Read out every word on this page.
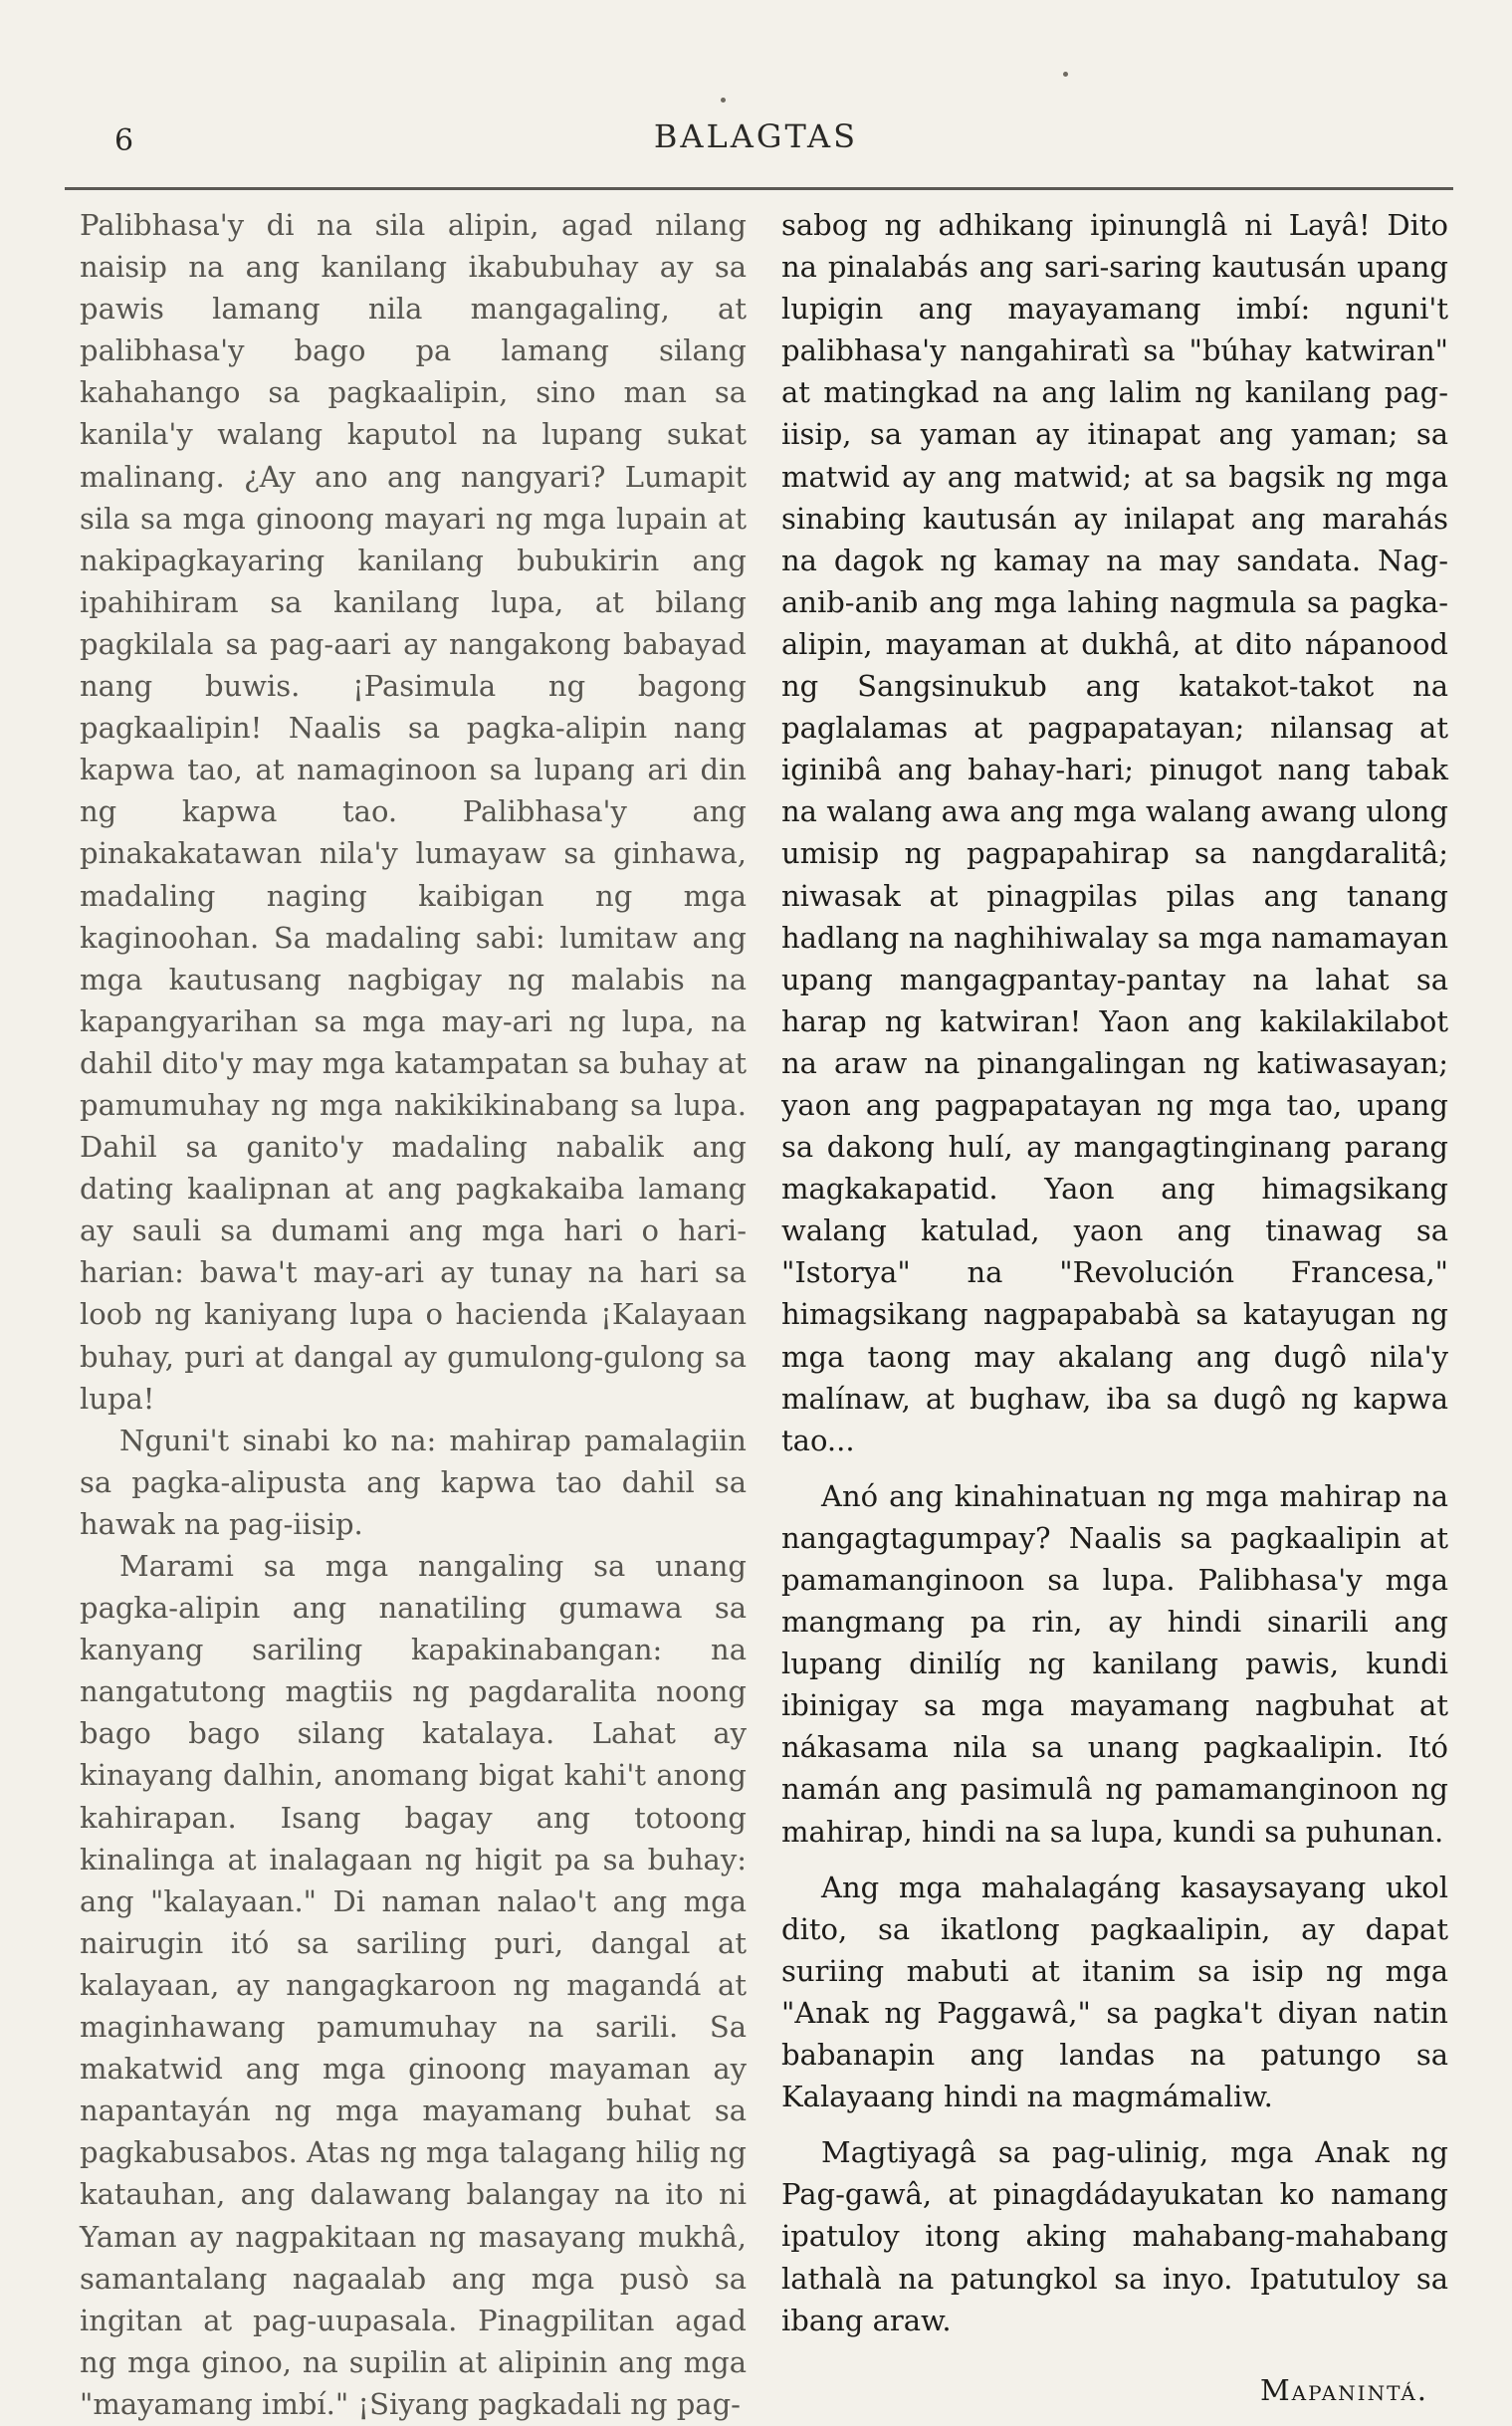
6	BALAGTAS

Palibhasa'y di na sila alipin, agad nilang naisip na ang kanilang ikabubuhay ay sa pawis lamang nila mangagaling, at palibhasa'y bago pa lamang silang kahahango sa pagkaalipin, sino man sa kanila'y walang kaputol na lupang sukat malinang. ¿Ay ano ang nangyari? Lumapit sila sa mga ginoong mayari ng mga lupain at nakipagkayaring kanilang bubukirin ang ipahihiram sa kanilang lupa, at bilang pagkilala sa pag-aari ay nangakong babayad nang buwis. ¡Pasimula ng bagong pagkaalipin! Naalis sa pagka-alipin nang kapwa tao, at namaginoon sa lupang ari din ng kapwa tao. Palibhasa'y ang pinakakatawan nila'y lumayaw sa ginhawa, madaling naging kaibigan ng mga kaginoohan. Sa madaling sabi: lumitaw ang mga kautusang nagbigay ng malabis na kapangyarihan sa mga may-ari ng lupa, na dahil dito'y may mga katampatan sa buhay at pamumuhay ng mga nakikikinabang sa lupa. Dahil sa ganito'y madaling nabalik ang dating kaalipnan at ang pagkakaiba lamang ay sauli sa dumami ang mga hari o hari-harian: bawa't may-ari ay tunay na hari sa loob ng kaniyang lupa o hacienda ¡Kalayaan buhay, puri at dangal ay gumulong-gulong sa lupa!

Nguni't sinabi ko na: mahirap pamalagiin sa pagka-alipusta ang kapwa tao dahil sa hawak na pag-iisip.

Marami sa mga nangaling sa unang pagka-alipin ang nanatiling gumawa sa kanyang sariling kapakinabangan: na nangatutong magtiis ng pagdaralita noong bago bago silang katalaya. Lahat ay kinayang dalhin, anomang bigat kahi't anong kahirapan. Isang bagay ang totoong kinalinga at inalagaan ng higit pa sa buhay: ang "kalayaan." Di naman nalao't ang mga nairugin itó sa sariling puri, dangal at kalayaan, ay nangagkaroon ng magandá at maginhawang pamumuhay na sarili. Sa makatwid ang mga ginoong mayaman ay napantayán ng mga mayamang buhat sa pagkabusabos. Atas ng mga talagang hilig ng katauhan, ang dalawang balangay na ito ni Yaman ay nagpakitaan ng masayang mukhâ, samantalang nagaalab ang mga pusò sa ingitan at pag-uupasala. Pinagpilitan agad ng mga ginoo, na supilin at alipinin ang mga "mayamang imbí." ¡Siyang pagkadali ng pag-

sabog ng adhikang ipinunglâ ni Layâ! Dito na pinalabás ang sari-saring kautusán upang lupigin ang mayayamang imbí: nguni't palibhasa'y nangahiratì sa "búhay katwiran" at matingkad na ang lalim ng kanilang pag-iisip, sa yaman ay itinapat ang yaman; sa matwid ay ang matwid; at sa bagsik ng mga sinabing kautusán ay inilapat ang marahás na dagok ng kamay na may sandata. Nag-anib-anib ang mga lahing nagmula sa pagka-alipin, mayaman at dukhâ, at dito nápanood ng Sangsinukub ang katakot-takot na paglalamas at pagpapatayan; nilansag at iginibâ ang bahay-hari; pinugot nang tabak na walang awa ang mga walang awang ulong umisip ng pagpapahirap sa nangdaralitâ; niwasak at pinagpilas pilas ang tanang hadlang na naghihiwalay sa mga namamayan upang mangagpantay-pantay na lahat sa harap ng katwiran! Yaon ang kakilakilabot na araw na pinangalingan ng katiwasayan; yaon ang pagpapatayan ng mga tao, upang sa dakong hulí, ay mangagtinginang parang magkakapatid. Yaon ang himagsikang walang katulad, yaon ang tinawag sa "Istorya" na "Revolución Francesa," himagsikang nagpapababà sa katayugan ng mga taong may akalang ang dugô nila'y malínaw, at bughaw, iba sa dugô ng kapwa tao...

Anó ang kinahinatuan ng mga mahirap na nangagtagumpay? Naalis sa pagkaalipin at pamamanginoon sa lupa. Palibhasa'y mga mangmang pa rin, ay hindi sinarili ang lupang dinilíg ng kanilang pawis, kundi ibinigay sa mga mayamang nagbuhat at nákasama nila sa unang pagkaalipin. Itó namán ang pasimulâ ng pamamanginoon ng mahirap, hindi na sa lupa, kundi sa puhunan.

Ang mga mahalagáng kasaysayang ukol dito, sa ikatlong pagkaalipin, ay dapat suriing mabuti at itanim sa isip ng mga "Anak ng Paggawâ," sa pagka't diyan natin babanapin ang landas na patungo sa Kalayaang hindi na magmámaliw.

Magtiyagâ sa pag-ulinig, mga Anak ng Pag-gawâ, at pinagdádayukatan ko namang ipatuloy itong aking mahabang-mahabang lathalà na patungkol sa inyo. Ipatutuloy sa ibang araw.

Mapanintá.
